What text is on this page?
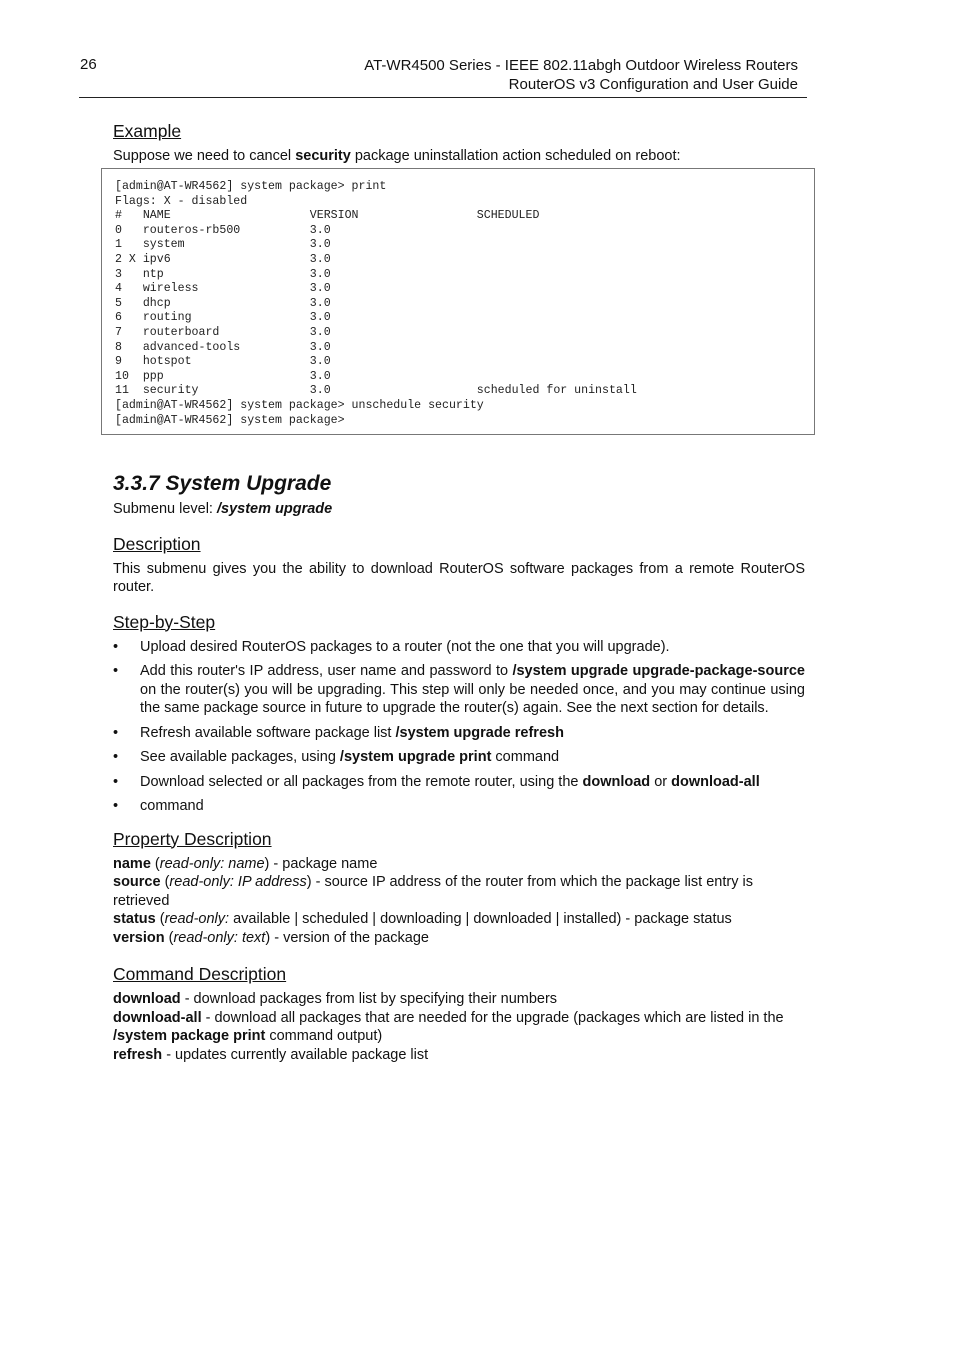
26	AT-WR4500 Series - IEEE 802.11abgh Outdoor Wireless Routers
RouterOS v3 Configuration and User Guide
Example

Suppose we need to cancel security package uninstallation action scheduled on reboot:

[admin@AT-WR4562] system package> print
Flags: X - disabled
#   NAME                    VERSION                 SCHEDULED
0   routeros-rb500          3.0
1   system                  3.0
2 X ipv6                    3.0
3   ntp                     3.0
4   wireless                3.0
5   dhcp                    3.0
6   routing                 3.0
7   routerboard             3.0
8   advanced-tools          3.0
9   hotspot                 3.0
10  ppp                     3.0
11  security                3.0                     scheduled for uninstall
[admin@AT-WR4562] system package> unschedule security
[admin@AT-WR4562] system package>
3.3.7 System Upgrade

Submenu level: /system upgrade

Description

This submenu gives you the ability to download RouterOS software packages from a remote RouterOS router.

Step-by-Step
• Upload desired RouterOS packages to a router (not the one that you will upgrade).
• Add this router's IP address, user name and password to /system upgrade upgrade-package-source on the router(s) you will be upgrading. This step will only be needed once, and you may continue using the same package source in future to upgrade the router(s) again. See the next section for details.
• Refresh available software package list /system upgrade refresh
• See available packages, using /system upgrade print command
• Download selected or all packages from the remote router, using the download or download-all
• command
Property Description

name (read-only: name) - package name

source (read-only: IP address) - source IP address of the router from which the package list entry is retrieved

status (read-only: available | scheduled | downloading | downloaded | installed) - package status

version (read-only: text) - version of the package

Command Description

download - download packages from list by specifying their numbers

download-all - download all packages that are needed for the upgrade (packages which are listed in the /system package print command output)

refresh - updates currently available package list
